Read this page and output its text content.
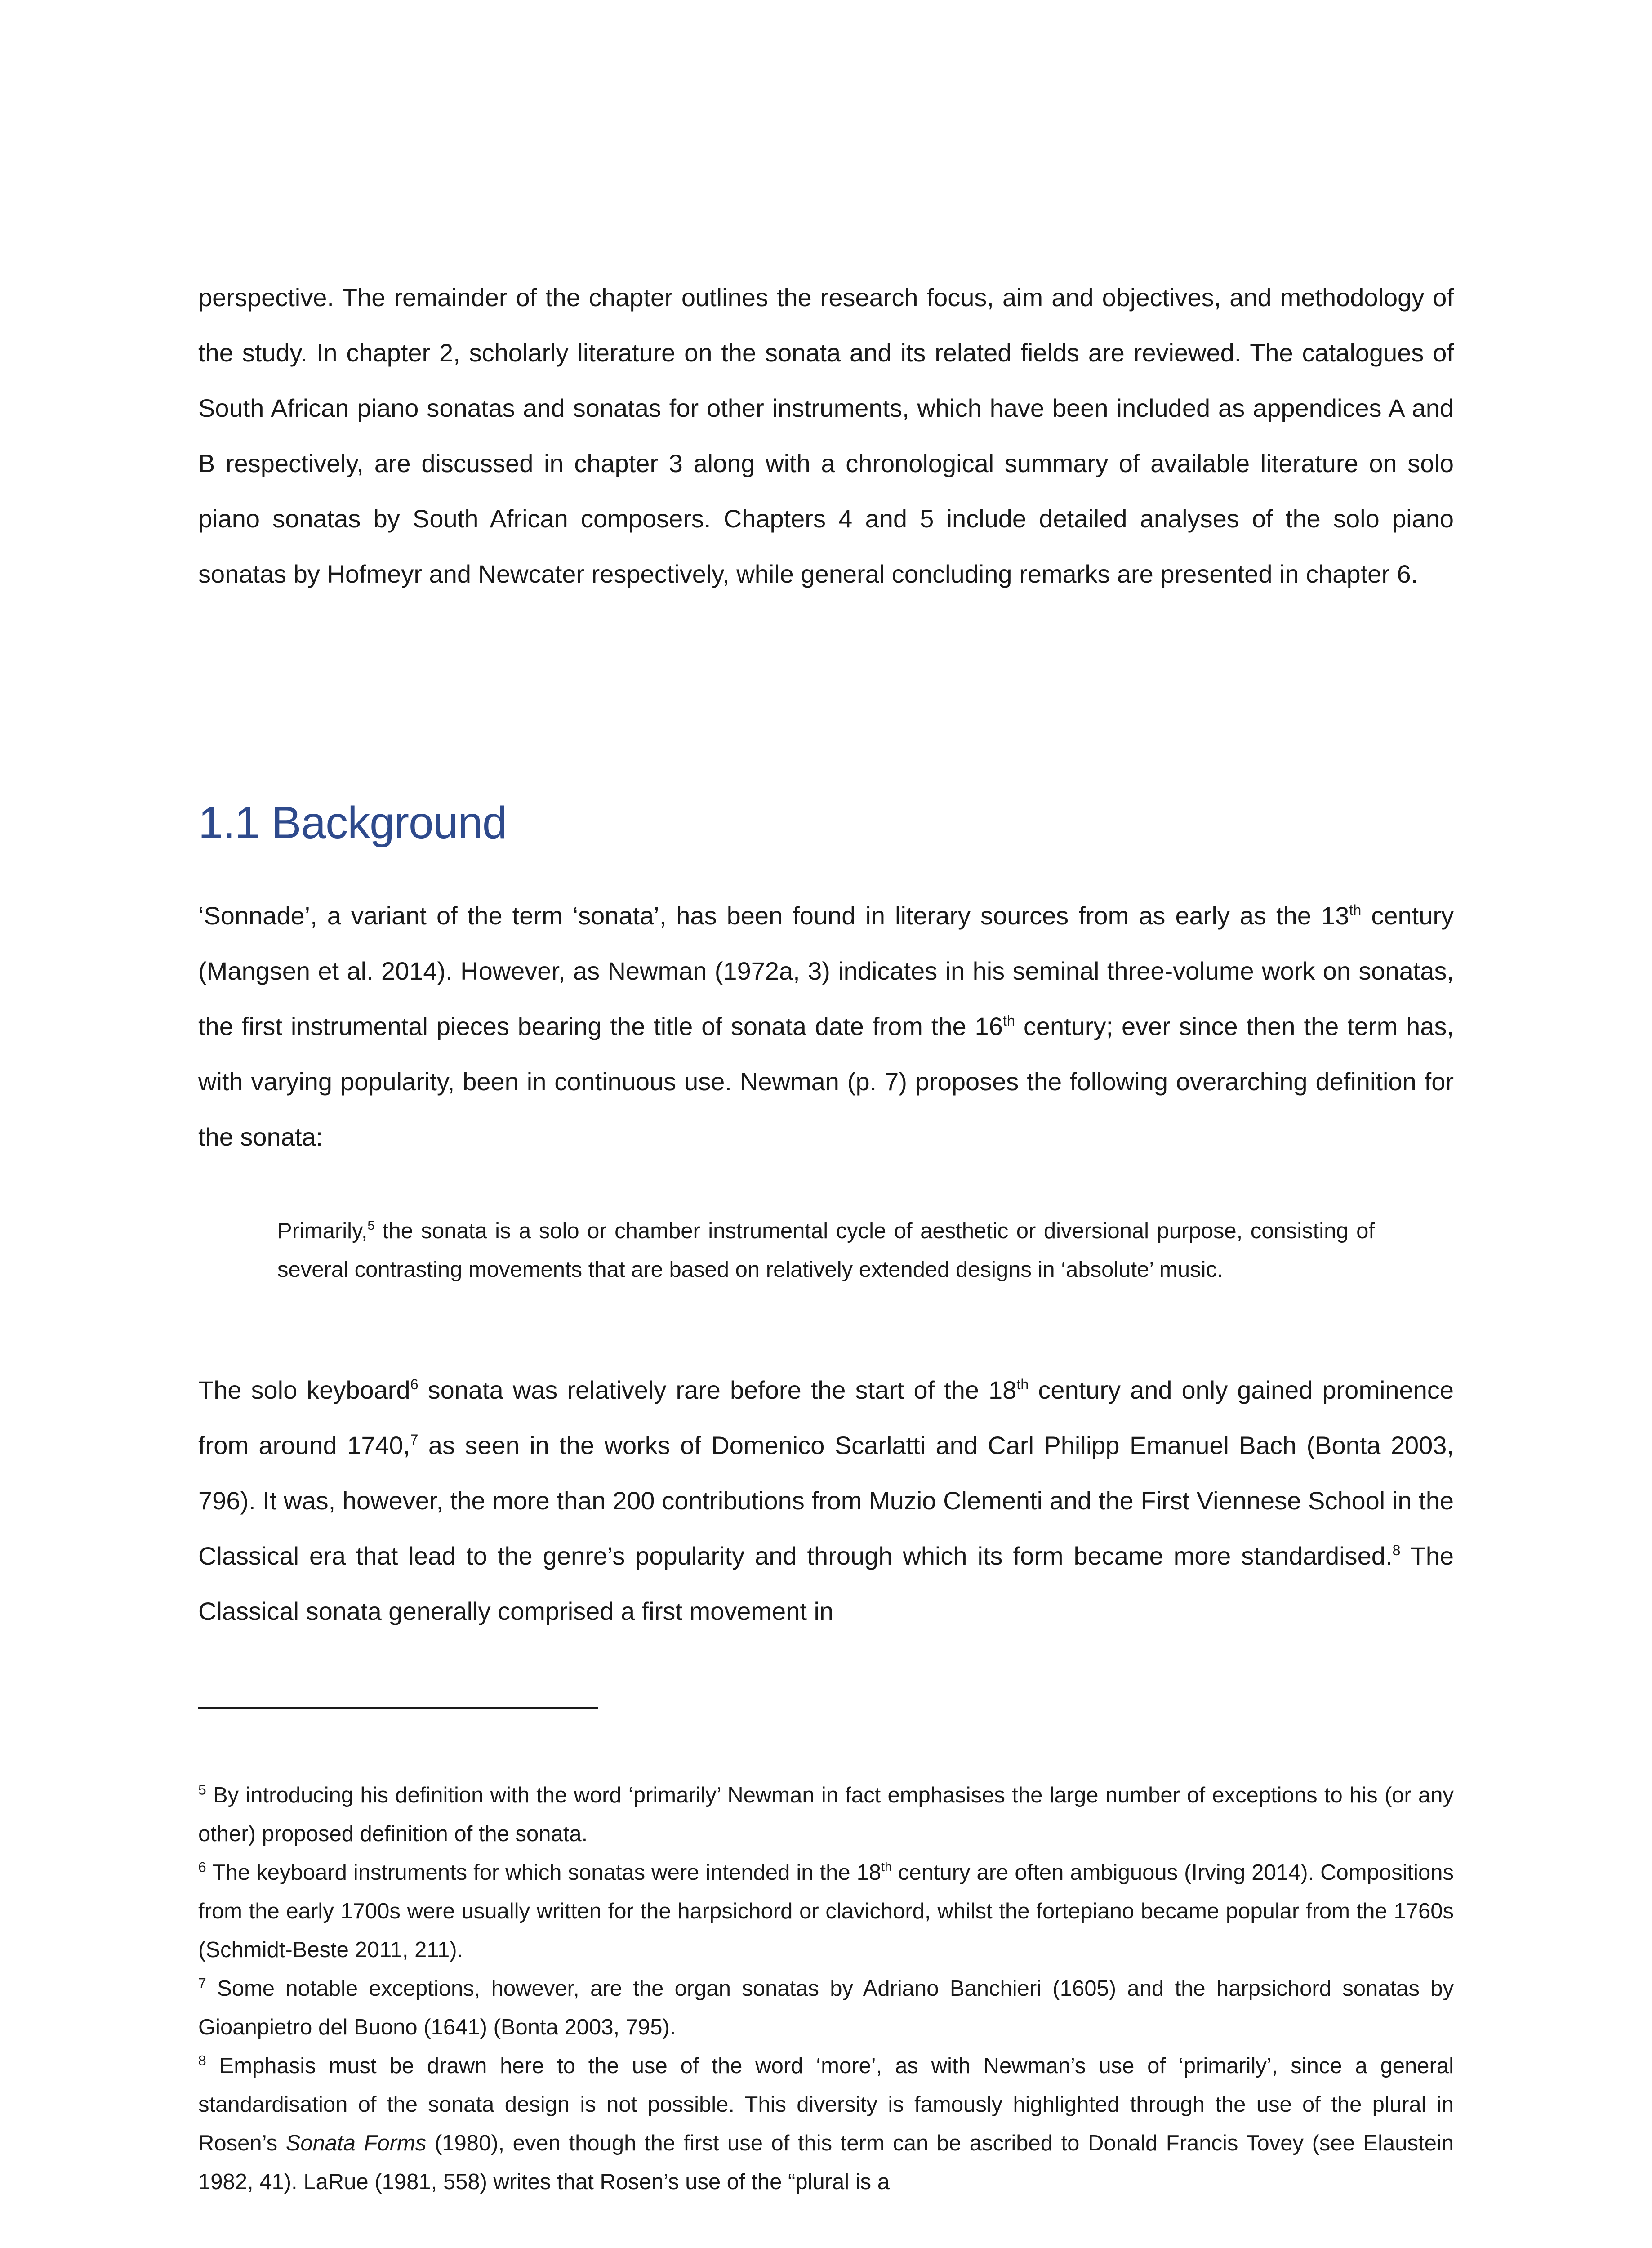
perspective. The remainder of the chapter outlines the research focus, aim and objectives, and methodology of the study. In chapter 2, scholarly literature on the sonata and its related fields are reviewed. The catalogues of South African piano sonatas and sonatas for other instruments, which have been included as appendices A and B respectively, are discussed in chapter 3 along with a chronological summary of available literature on solo piano sonatas by South African composers. Chapters 4 and 5 include detailed analyses of the solo piano sonatas by Hofmeyr and Newcater respectively, while general concluding remarks are presented in chapter 6.

1.1 Background

‘Sonnade’, a variant of the term ‘sonata’, has been found in literary sources from as early as the 13th century (Mangsen et al. 2014). However, as Newman (1972a, 3) indicates in his seminal three-volume work on sonatas, the first instrumental pieces bearing the title of sonata date from the 16th century; ever since then the term has, with varying popularity, been in continuous use. Newman (p. 7) proposes the following overarching definition for the sonata:

Primarily,$^5$ the sonata is a solo or chamber instrumental cycle of aesthetic or diversional purpose, consisting of several contrasting movements that are based on relatively extended designs in ‘absolute’ music.

The solo keyboard$^6$ sonata was relatively rare before the start of the 18th century and only gained prominence from around 1740,$^7$ as seen in the works of Domenico Scarlatti and Carl Philipp Emanuel Bach (Bonta 2003, 796). It was, however, the more than 200 contributions from Muzio Clementi and the First Viennese School in the Classical era that lead to the genre’s popularity and through which its form became more standardised.$^8$ The Classical sonata generally comprised a first movement in

$^5$ By introducing his definition with the word ‘primarily’ Newman in fact emphasises the large number of exceptions to his (or any other) proposed definition of the sonata.

$^6$ The keyboard instruments for which sonatas were intended in the 18th century are often ambiguous (Irving 2014). Compositions from the early 1700s were usually written for the harpsichord or clavichord, whilst the fortepiano became popular from the 1760s (Schmidt-Beste 2011, 211).

$^7$ Some notable exceptions, however, are the organ sonatas by Adriano Banchieri (1605) and the harpsichord sonatas by Gioanpietro del Buono (1641) (Bonta 2003, 795).

$^8$ Emphasis must be drawn here to the use of the word ‘more’, as with Newman’s use of ‘primarily’, since a general standardisation of the sonata design is not possible. This diversity is famously highlighted through the use of the plural in Rosen’s Sonata Forms (1980), even though the first use of this term can be ascribed to Donald Francis Tovey (see Elaustein 1982, 41). LaRue (1981, 558) writes that Rosen’s use of the “plural is a
